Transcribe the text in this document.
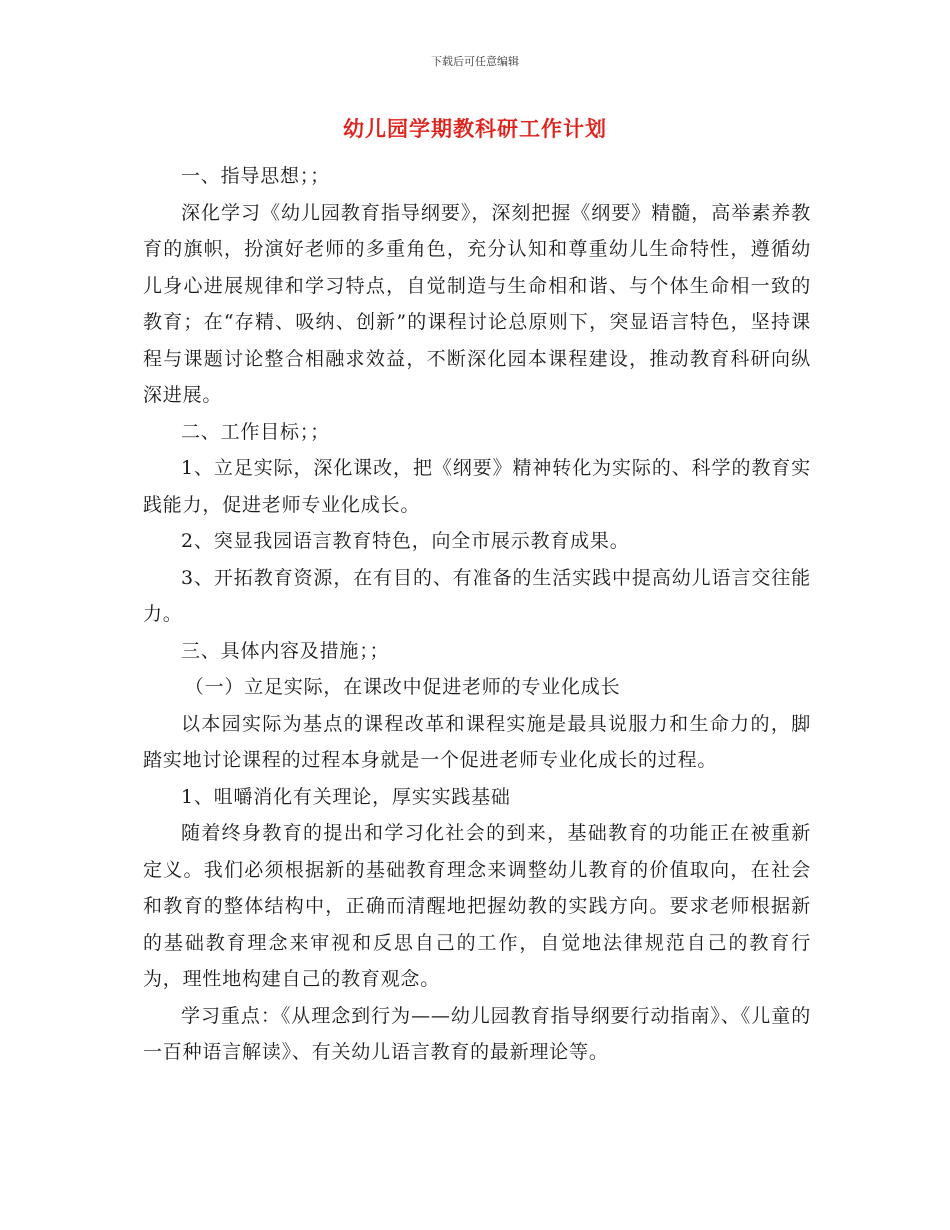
下载后可任意编辑
幼儿园学期教科研工作计划

一、指导思想；；

深化学习《幼儿园教育指导纲要》，深刻把握《纲要》精髓，高举素养教育的旗帜，扮演好老师的多重角色，充分认知和尊重幼儿生命特性，遵循幼儿身心进展规律和学习特点，自觉制造与生命相和谐、与个体生命相一致的教育；在“存精、吸纳、创新”的课程讨论总原则下，突显语言特色，坚持课程与课题讨论整合相融求效益，不断深化园本课程建设，推动教育科研向纵深进展。

二、工作目标；；

1、立足实际，深化课改，把《纲要》精神转化为实际的、科学的教育实践能力，促进老师专业化成长。

2、突显我园语言教育特色，向全市展示教育成果。

3、开拓教育资源，在有目的、有准备的生活实践中提高幼儿语言交往能力。

三、具体内容及措施；；

（一）立足实际，在课改中促进老师的专业化成长

以本园实际为基点的课程改革和课程实施是最具说服力和生命力的，脚踏实地讨论课程的过程本身就是一个促进老师专业化成长的过程。

1、咀嚼消化有关理论，厚实实践基础

随着终身教育的提出和学习化社会的到来，基础教育的功能正在被重新定义。我们必须根据新的基础教育理念来调整幼儿教育的价值取向，在社会和教育的整体结构中，正确而清醒地把握幼教的实践方向。要求老师根据新的基础教育理念来审视和反思自己的工作，自觉地法律规范自己的教育行为，理性地构建自己的教育观念。

学习重点：《从理念到行为——幼儿园教育指导纲要行动指南》、《儿童的一百种语言解读》、有关幼儿语言教育的最新理论等。
